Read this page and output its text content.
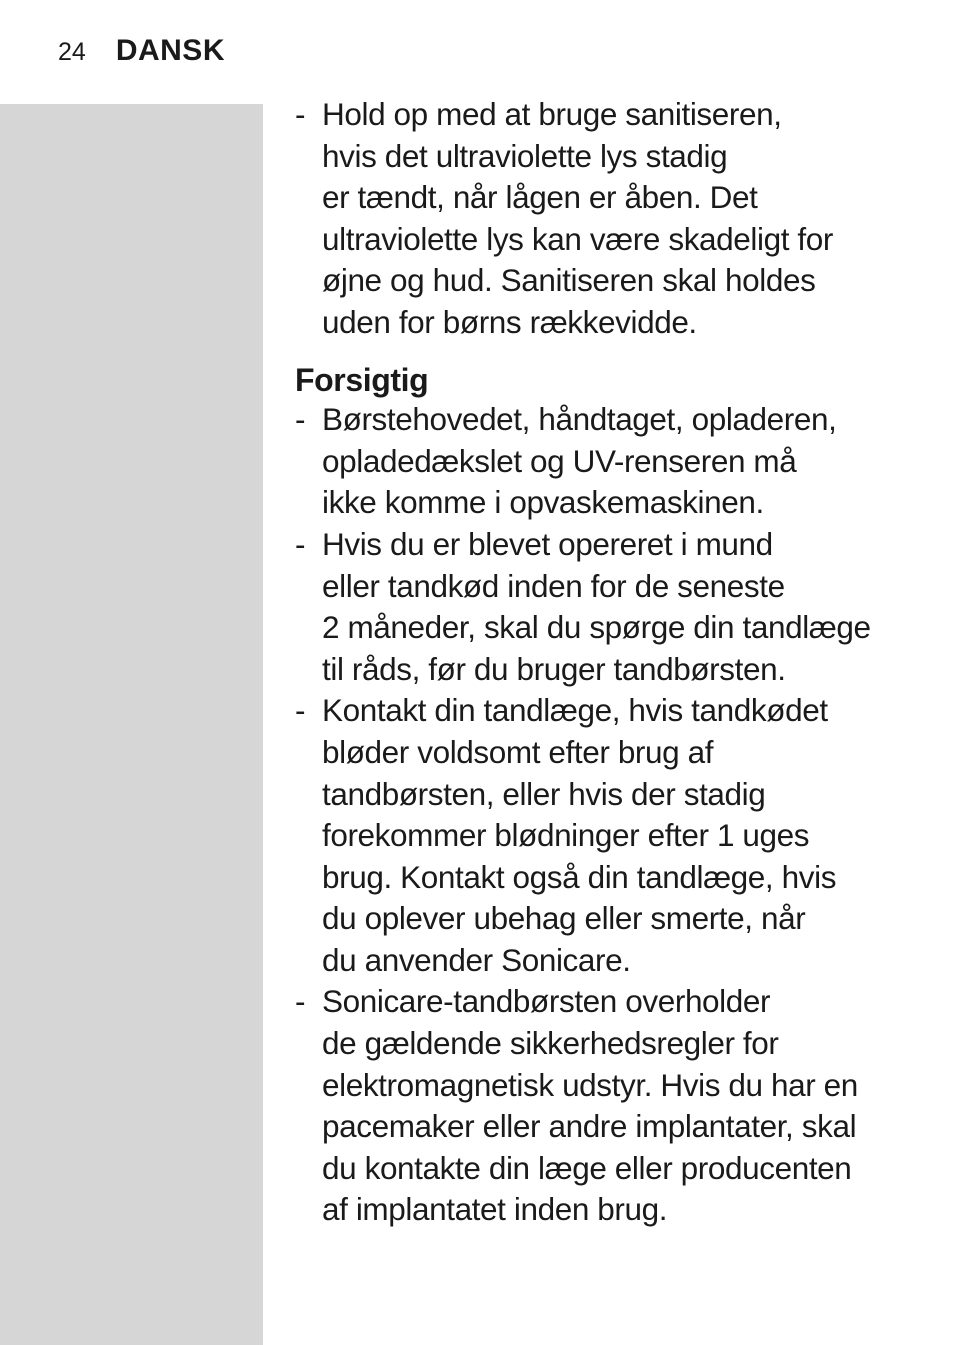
24 DANSK
- Hold op med at bruge sanitiseren,
hvis det ultraviolette lys stadig
er tændt, når lågen er åben. Det
ultraviolette lys kan være skadeligt for
øjne og hud. Sanitiseren skal holdes
uden for børns rækkevidde.
Forsigtig
- Børstehovedet, håndtaget, opladeren,
opladedækslet og UV-renseren må
ikke komme i opvaskemaskinen.
- Hvis du er blevet opereret i mund
eller tandkød inden for de seneste
2 måneder, skal du spørge din tandlæge
til råds, før du bruger tandbørsten.
- Kontakt din tandlæge, hvis tandkødet
bløder voldsomt efter brug af
tandbørsten, eller hvis der stadig
forekommer blødninger efter 1 uges
brug. Kontakt også din tandlæge, hvis
du oplever ubehag eller smerte, når
du anvender Sonicare.
- Sonicare-tandbørsten overholder
de gældende sikkerhedsregler for
elektromagnetisk udstyr. Hvis du har en
pacemaker eller andre implantater, skal
du kontakte din læge eller producenten
af implantatet inden brug.
